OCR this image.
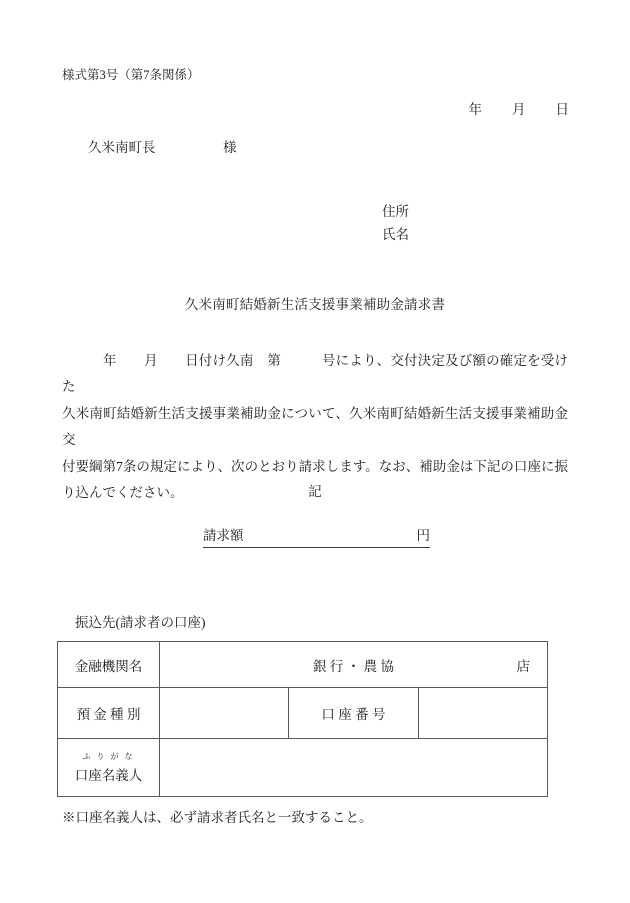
様式第3号（第7条関係）
年　　月　　日
久米南町長　　　　　様
住所
氏名
久米南町結婚新生活支援事業補助金請求書
　　　年　　月　　日付け久南　第　　　号により、交付決定及び額の確定を受けた
久米南町結婚新生活支援事業補助金について、久米南町結婚新生活支援事業補助金交
付要綱第7条の規定により、次のとおり請求します。なお、補助金は下記の口座に振
り込んでください。	記
請求額	円
振込先(請求者の口座)
金融機関名	銀 行 ・ 農 協 店		

預 金 種 別		口 座 番 号	

ふ り が な
口座名義人			

※口座名義人は、必ず請求者氏名と一致すること。
